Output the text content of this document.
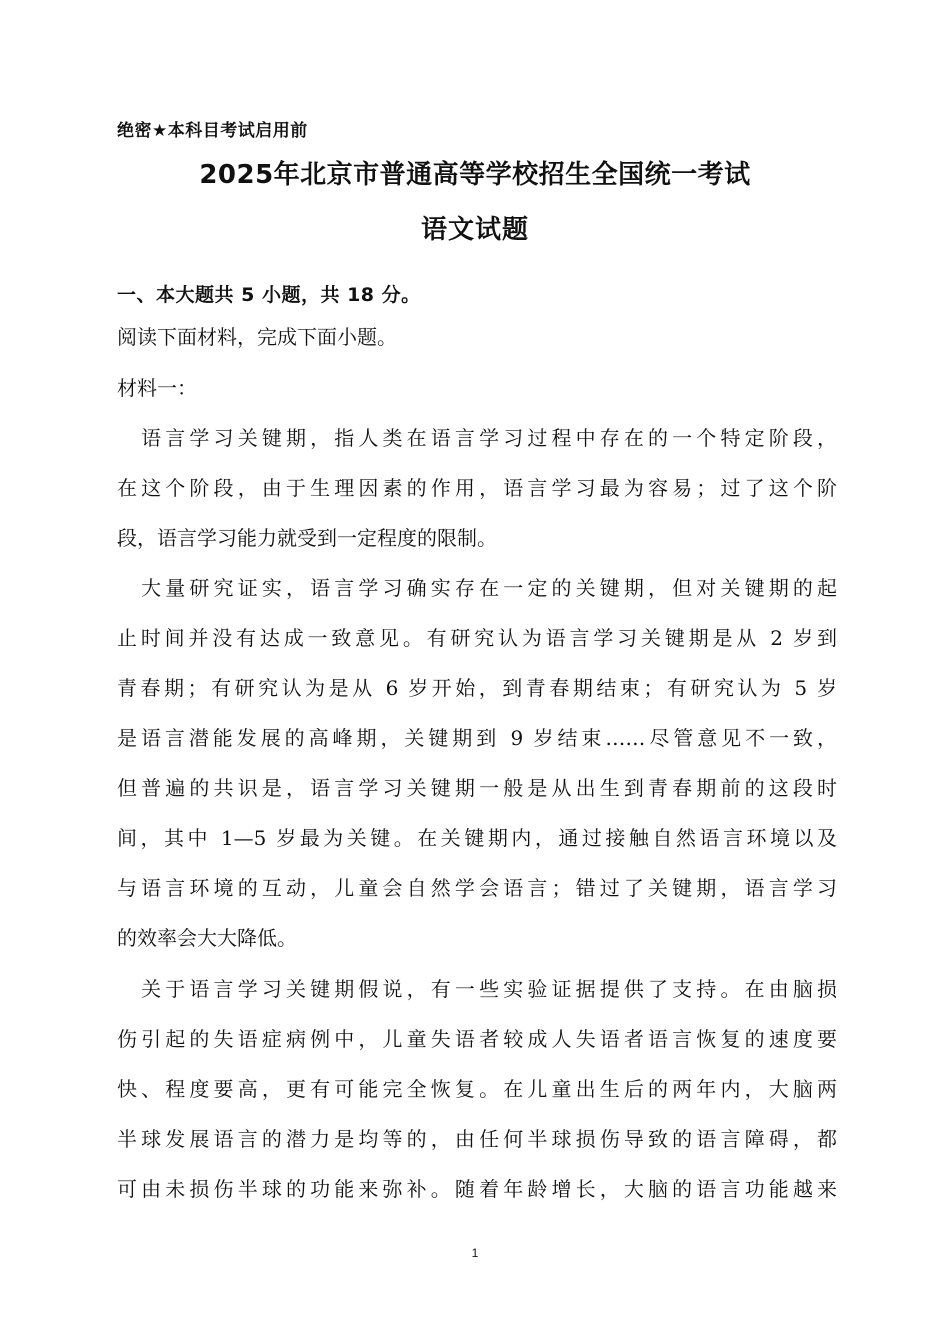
绝密★本科目考试启用前
2025年北京市普通高等学校招生全国统一考试
语文试题
一、本大题共 5 小题，共 18 分。
阅读下面材料，完成下面小题。
材料一：
　语言学习关键期，指人类在语言学习过程中存在的一个特定阶段，
在这个阶段，由于生理因素的作用，语言学习最为容易；过了这个阶
段，语言学习能力就受到一定程度的限制。
　大量研究证实，语言学习确实存在一定的关键期，但对关键期的起
止时间并没有达成一致意见。有研究认为语言学习关键期是从 2 岁到
青春期；有研究认为是从 6 岁开始，到青春期结束；有研究认为 5 岁
是语言潜能发展的高峰期，关键期到 9 岁结束……尽管意见不一致，
但普遍的共识是，语言学习关键期一般是从出生到青春期前的这段时
间，其中 1—5 岁最为关键。在关键期内，通过接触自然语言环境以及
与语言环境的互动，儿童会自然学会语言；错过了关键期，语言学习
的效率会大大降低。
　关于语言学习关键期假说，有一些实验证据提供了支持。在由脑损
伤引起的失语症病例中，儿童失语者较成人失语者语言恢复的速度要
快、程度要高，更有可能完全恢复。在儿童出生后的两年内，大脑两
半球发展语言的潜力是均等的，由任何半球损伤导致的语言障碍，都
可由未损伤半球的功能来弥补。随着年龄增长，大脑的语言功能越来
1
